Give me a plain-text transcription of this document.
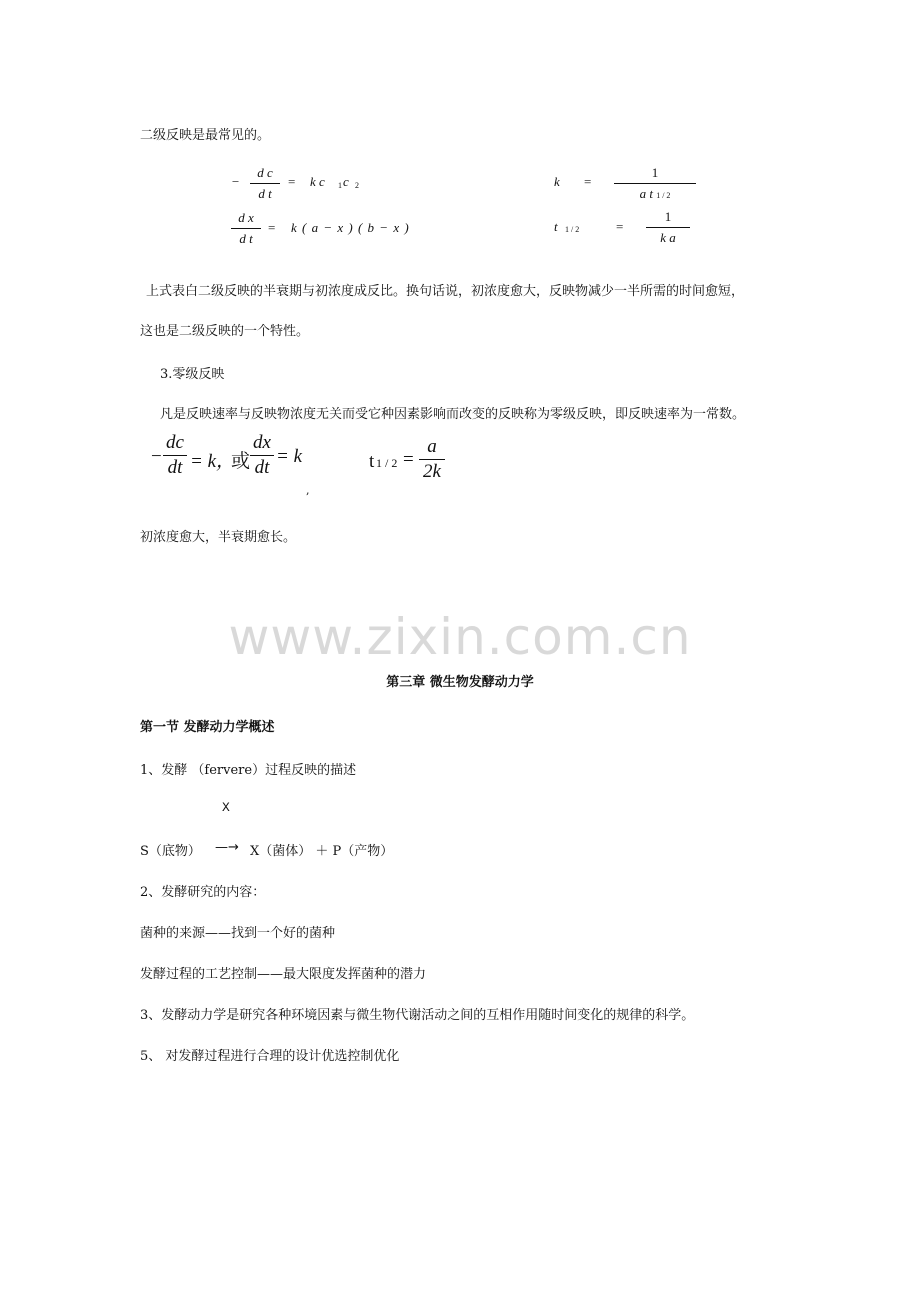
二级反映是最常见的。
−
d c
d t
= k c 1 c 2
d x
d t
= k ( a − x ) ( b − x )
k =
1
a t 1 / 2
t 1 / 2	=
1
k a
上式表白二级反映的半衰期与初浓度成反比。换句话说，初浓度愈大，反映物减少一半所需的时间愈短，
这也是二级反映的一个特性。
3.零级反映
凡是反映速率与反映物浓度无关而受它种因素影响而改变的反映称为零级反映，即反映速率为一常数。
−
dc
dt = k，
或
dx
dt
= k
,
t 1 / 2 =
a
2k
初浓度愈大，半衰期愈长。
www.zixin.com.cn
第三章 微生物发酵动力学
第一节 发酵动力学概述
1、发酵 （fervere）过程反映的描述
X
S（底物） —→ X（菌体） ＋ P（产物）
2、发酵研究的内容：
菌种的来源——找到一个好的菌种
发酵过程的工艺控制——最大限度发挥菌种的潜力
3、发酵动力学是研究各种环境因素与微生物代谢活动之间的互相作用随时间变化的规律的科学。
5、 对发酵过程进行合理的设计优选控制优化
